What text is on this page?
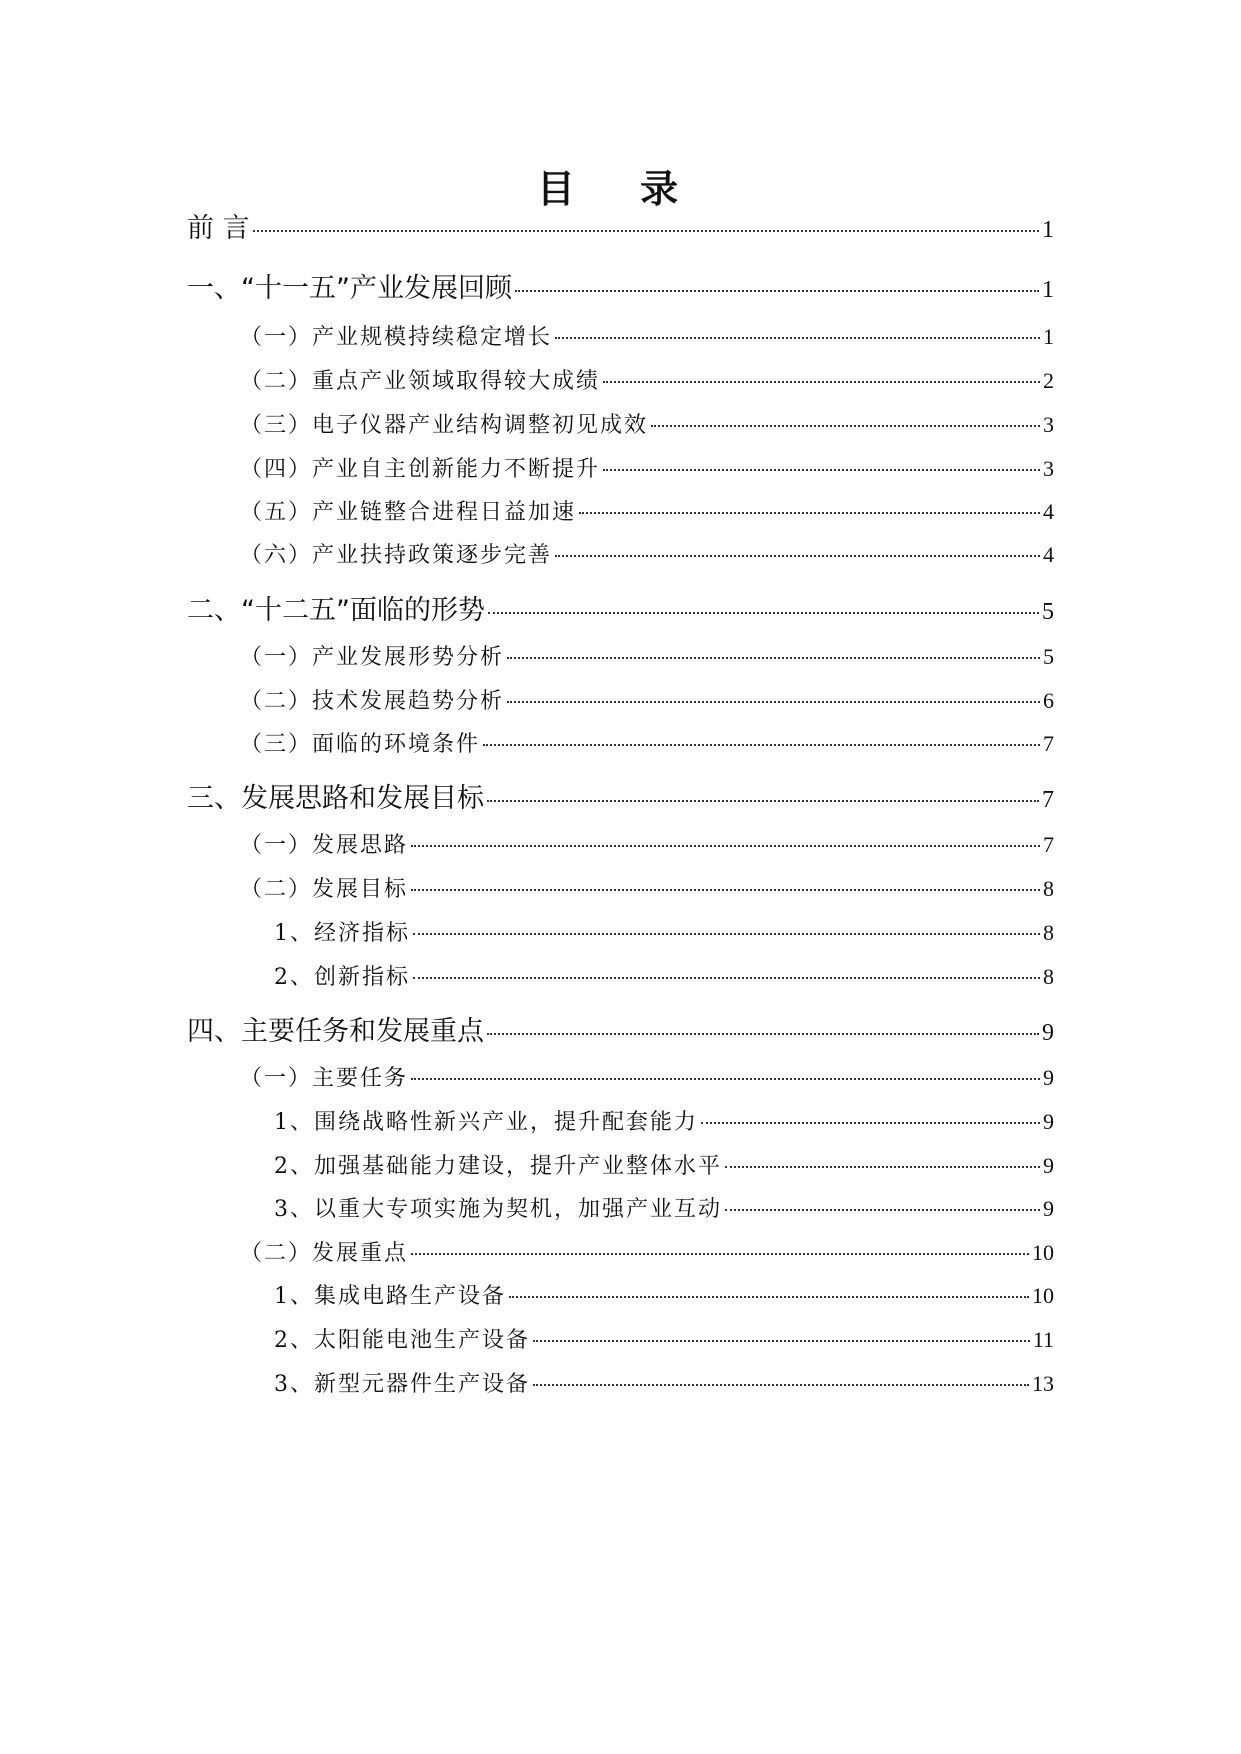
目 录
前 言	1
一、“十一五”产业发展回顾	1
（一）产业规模持续稳定增长	1
（二）重点产业领域取得较大成绩	2
（三）电子仪器产业结构调整初见成效	3
（四）产业自主创新能力不断提升	3
（五）产业链整合进程日益加速	4
（六）产业扶持政策逐步完善	4
二、“十二五”面临的形势	5
（一）产业发展形势分析	5
（二）技术发展趋势分析	6
（三）面临的环境条件	7
三、发展思路和发展目标	7
（一）发展思路	7
（二）发展目标	8
1、经济指标	8
2、创新指标	8
四、主要任务和发展重点	9
（一）主要任务	9
1、围绕战略性新兴产业，提升配套能力	9
2、加强基础能力建设，提升产业整体水平	9
3、以重大专项实施为契机，加强产业互动	9
（二）发展重点	10
1、集成电路生产设备	10
2、太阳能电池生产设备	11
3、新型元器件生产设备	13
